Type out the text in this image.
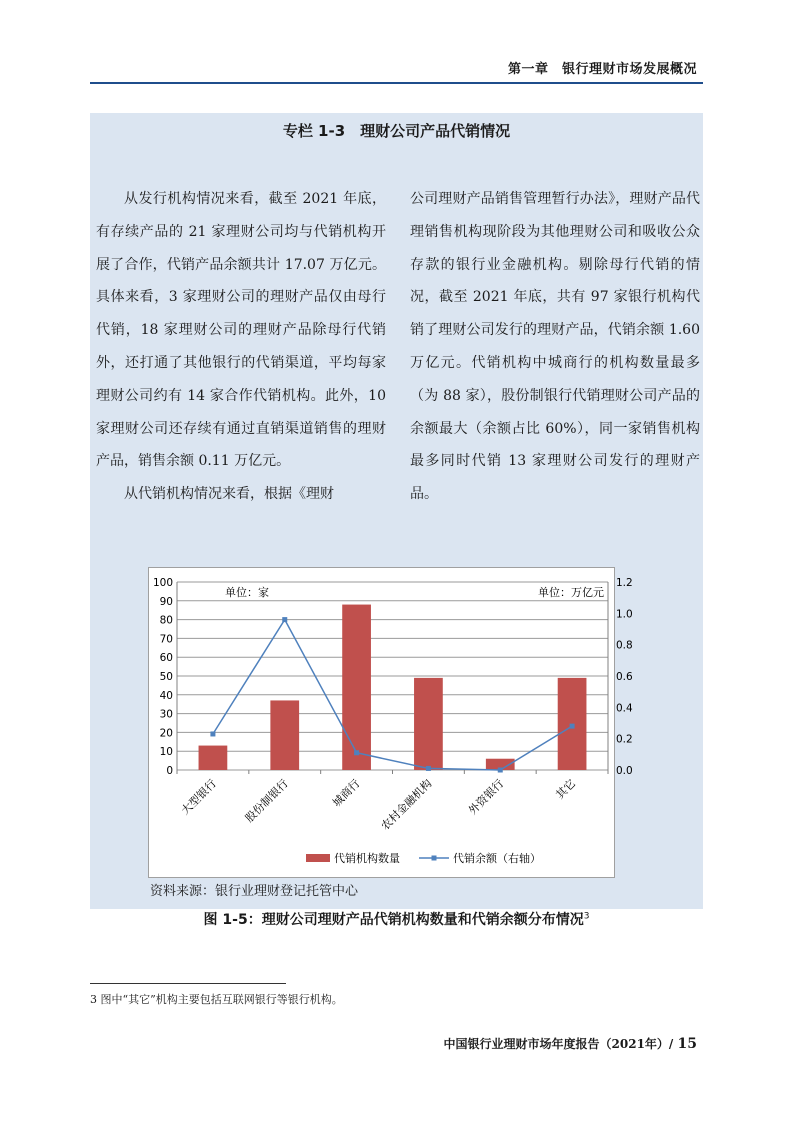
第一章　银行理财市场发展概况
专栏 1-3　理财公司产品代销情况

从发行机构情况来看，截至 2021 年底，有存续产品的 21 家理财公司均与代销机构开展了合作，代销产品余额共计 17.07 万亿元。具体来看，3 家理财公司的理财产品仅由母行代销，18 家理财公司的理财产品除母行代销外，还打通了其他银行的代销渠道，平均每家理财公司约有 14 家合作代销机构。此外，10 家理财公司还存续有通过直销渠道销售的理财产品，销售余额 0.11 万亿元。

从代销机构情况来看，根据《理财

公司理财产品销售管理暂行办法》，理财产品代理销售机构现阶段为其他理财公司和吸收公众存款的银行业金融机构。剔除母行代销的情况，截至 2021 年底，共有 97 家银行机构代销了理财公司发行的理财产品，代销余额 1.60 万亿元。代销机构中城商行的机构数量最多（为 88 家），股份制银行代销理财公司产品的余额最大（余额占比 60%），同一家销售机构最多同时代销 13 家理财公司发行的理财产品。

0
10
20
30
40
50
60
70
80
90
100
0.0
0.2
0.4
0.6
0.8
1.0
1.2
单位：家	单位：万亿元
大型银行 股份制银行	城商行 农村金融机构	外资银行	其它
代销机构数量	代销余额（右轴）
资料来源：银行业理财登记托管中心
图 1-5：理财公司理财产品代销机构数量和代销余额分布情况$^3$
3 图中“其它”机构主要包括互联网银行等银行机构。
中国银行业理财市场年度报告（2021年）/ 15
